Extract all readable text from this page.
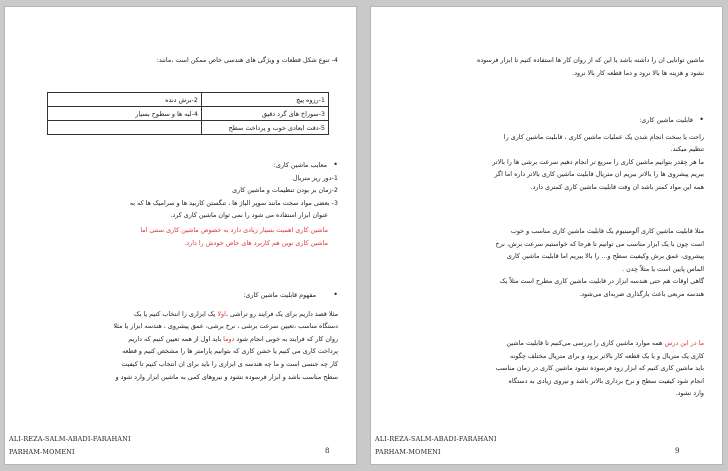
4- تنوع شکل قطعات و ویژگی های هندسی خاص ممکن است ،مانند:

1-رزوه پیچ	2-برش دنده
3-سوراخ های گرد دقیق	4-لبه ها و سطوح بسیار
5-دقت ابعادی خوب و پرداخت سطح	

• معایب ماشین کاری:

1-دور ریز متریال

2-زمان بر بودن تنظیمات و ماشین کاری

3- بعضی مواد سخت مانند سوپر الیاژ ها ، تنگستن کاربید ها و سرامیک ها که به

عنوان ابزار استفاده می شود را نمی توان ماشین کاری کرد.

ماشین کاری اهمیت بسیار زیادی دارد به خصوص ماشین کاری سنتی اما

ماشین کاری نوین هم کاربرد های خاص خودش را دارد.

• مفهوم قابلیت ماشین کاری:

مثلا قصد داریم برای یک فرایند رو تراشی ،اولا یک ابزاری را انتخاب کنیم یا یک

دستگاه مناسب ،تعیین سرعت برشی ، نرخ برشی، عمق پیشروی ، هندسه ابزار یا مثلا

روان کار که فرایند به خوبی انجام شود دوما باید اول از همه تعیین کنیم که داریم

پرداخت کاری می کنیم یا خشن کاری که بتوانیم پارامتر ها را مشخص کنیم و قطعه

کار چه جنسی است و ما چه هندسه ی ابزاری را باید برای ان انتخاب کنیم تا کیفیت

سطح مناسب باشد و ابزار فرسوده نشود و نیروهای کمی به ماشین ابزار وارد شود و

ALI-REZA-SALM-ABADI-FARAHANI
PARHAM-MOMENI	8

ماشین توانایی ان را داشته باشد یا این که از روان کار ها استفاده کنیم تا ابزار فرسوده

نشود و هزینه ها بالا نرود و دما قطعه کار بالا نرود.

• قابلیت ماشین کاری:

راحت یا سخت انجام شدن یک عملیات ماشین کاری ، قابلیت ماشین کاری را

تنظیم میکند.

ما هر چقدر بتوانیم ماشین کاری را سریع تر انجام دهیم سرعت برشی ها را بالاتر

ببریم پیشروی ها را بالاتر ببریم ان متریال قابلیت ماشین کاری بالاتر داره اما اگر

همه این مواد کمتر باشد ان وقت قابلیت ماشین کاری کمتری دارد.

مثلا قابلیت ماشین کاری آلومینیوم یک قابلیت ماشین کاری مناسب و خوب

است چون با یک ابزار مناسب می توانیم تا هرجا که خواستیم سرعت برش، نرخ

پیشروی، عمق برش وکیفیت سطح و... را بالا ببریم اما قابلیت ماشین کاری

الماس پایین است یا مثلاً چدن .

گاهی اوقات هم حتی هندسه ابزار در قابلیت ماشین کاری مطرح است مثلاً یک

هندسه مربعی باعث بارگذاری ضربه‌ای می‌شود.

ما در این درس همه موارد ماشین کاری را بررسی می‌کنیم تا قابلیت ماشین

کاری یک متریال و یا یک قطعه کار بالاتر برود و برای متریال مختلف چگونه

باید ماشین کاری کنیم که ابزار زود فرسوده نشود ماشین کاری در زمان مناسب

انجام شود کیفیت سطح و نرخ برداری بالاتر باشد و نیروی زیادی به دستگاه

وارد نشود.

ALI-REZA-SALM-ABADI-FARAHANI
PARHAM-MOMENI	9
